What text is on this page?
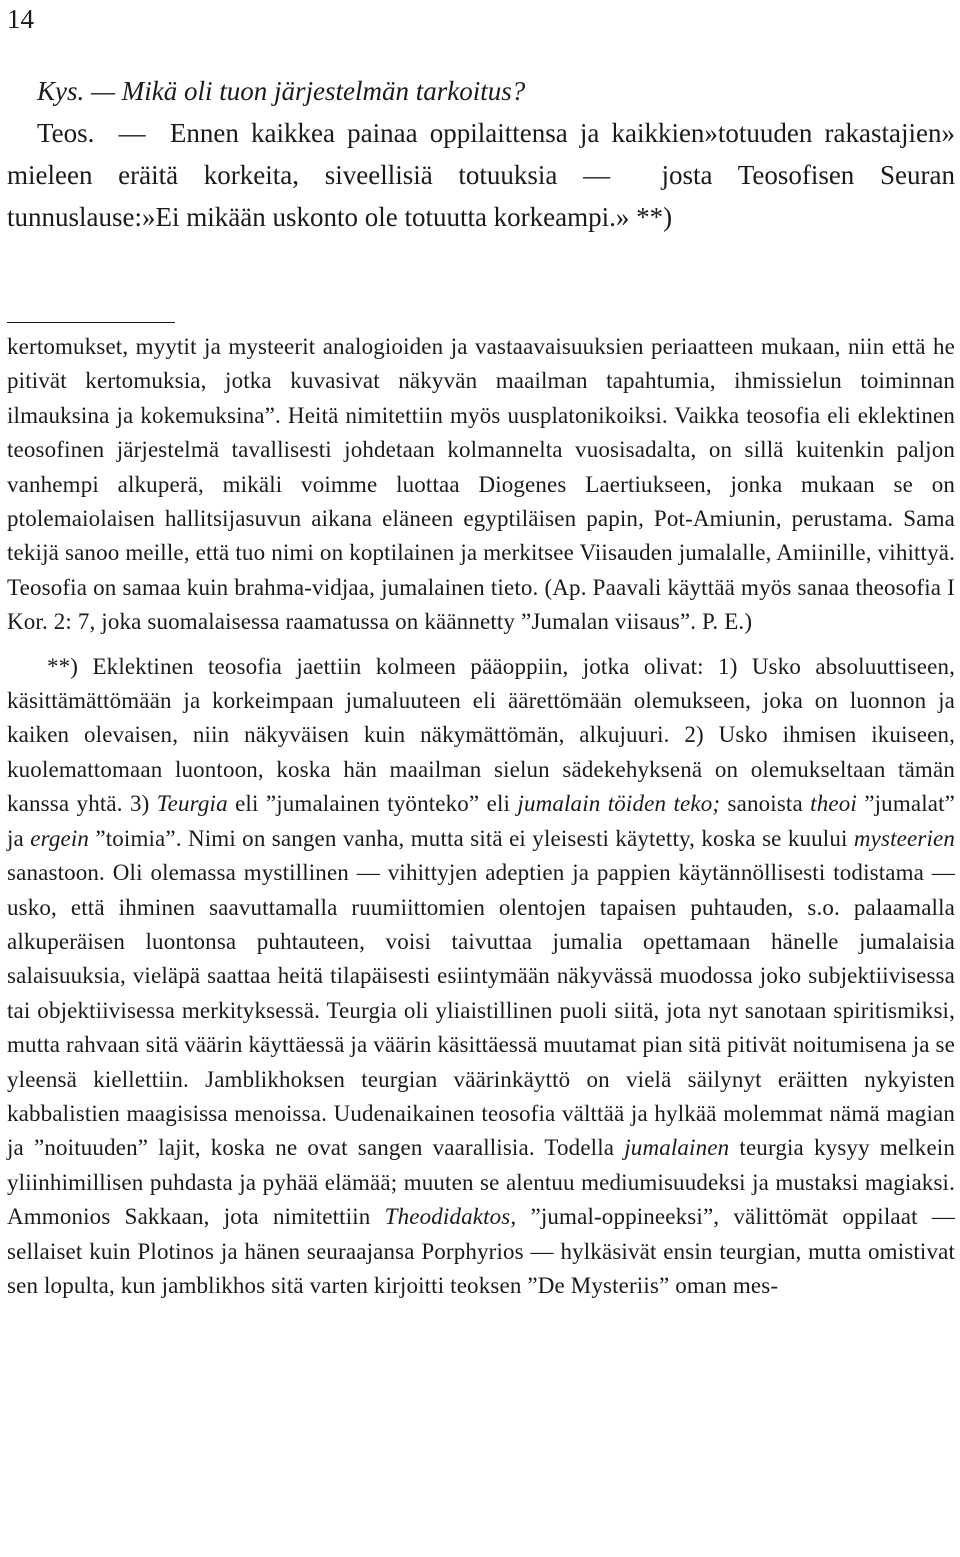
14

Kys. — Mikä oli tuon järjestelmän tarkoitus?

Teos. — Ennen kaikkea painaa oppilaittensa ja kaikkien»totuuden rakastajien» mieleen eräitä korkeita, siveellisiä totuuksia — josta Teosofisen Seuran tunnuslause:»Ei mikään uskonto ole totuutta korkeampi.» **)

kertomukset, myytit ja mysteerit analogioiden ja vastaavaisuuksien periaatteen mukaan, niin että he pitivät kertomuksia, jotka kuvasivat näkyvän maailman tapahtumia, ihmissielun toiminnan ilmauksina ja kokemuksina”. Heitä nimitettiin myös uusplatonikoiksi. Vaikka teosofia eli eklektinen teosofinen järjestelmä tavallisesti johdetaan kolmannelta vuosisadalta, on sillä kuitenkin paljon vanhempi alkuperä, mikäli voimme luottaa Diogenes Laertiukseen, jonka mukaan se on ptolemaiolaisen hallitsijasuvun aikana eläneen egyptiläisen papin, Pot-Amiunin, perustama. Sama tekijä sanoo meille, että tuo nimi on koptilainen ja merkitsee Viisauden jumalalle, Amiinille, vihittyä. Teosofia on samaa kuin brahma-vidjaa, jumalainen tieto. (Ap. Paavali käyttää myös sanaa theosofia I Kor. 2: 7, joka suomalaisessa raamatussa on käännetty ”Jumalan viisaus”. P. E.)

**) Eklektinen teosofia jaettiin kolmeen pääoppiin, jotka olivat: 1) Usko absoluuttiseen, käsittämättömään ja korkeimpaan jumaluuteen eli äärettömään olemukseen, joka on luonnon ja kaiken olevaisen, niin näkyväisen kuin näkymättömän, alkujuuri. 2) Usko ihmisen ikuiseen, kuolemattomaan luontoon, koska hän maailman sielun sädekehyksenä on olemukseltaan tämän kanssa yhtä. 3) Teurgia eli ”jumalainen työnteko” eli jumalain töiden teko; sanoista theoi ”jumalat” ja ergein ”toimia”. Nimi on sangen vanha, mutta sitä ei yleisesti käytetty, koska se kuului mysteerien sanastoon. Oli olemassa mystillinen — vihittyjen adeptien ja pappien käytännöllisesti todistama — usko, että ihminen saavuttamalla ruumiittomien olentojen tapaisen puhtauden, s.o. palaamalla alkuperäisen luontonsa puhtauteen, voisi taivuttaa jumalia opettamaan hänelle jumalaisia salaisuuksia, vieläpä saattaa heitä tilapäisesti esiintymään näkyvässä muodossa joko subjektiivisessa tai objektiivisessa merkityksessä. Teurgia oli yliaistillinen puoli siitä, jota nyt sanotaan spiritismiksi, mutta rahvaan sitä väärin käyttäessä ja väärin käsittäessä muutamat pian sitä pitivät noitumisena ja se yleensä kiellettiin. Jamblikhoksen teurgian väärinkäyttö on vielä säilynyt eräitten nykyisten kabbalistien maagisissa menoissa. Uudenaikainen teosofia välttää ja hylkää molemmat nämä magian ja ”noituuden” lajit, koska ne ovat sangen vaarallisia. Todella jumalainen teurgia kysyy melkein yliinhimillisen puhdasta ja pyhää elämää; muuten se alentuu mediumisuudeksi ja mustaksi magiaksi. Ammonios Sakkaan, jota nimitettiin Theodidaktos, ”jumal-oppineeksi”, välittömät oppilaat — sellaiset kuin Plotinos ja hänen seuraajansa Porphyrios — hylkäsivät ensin teurgian, mutta omistivat sen lopulta, kun jamblikhos sitä varten kirjoitti teoksen ”De Mysteriis” oman mes-
